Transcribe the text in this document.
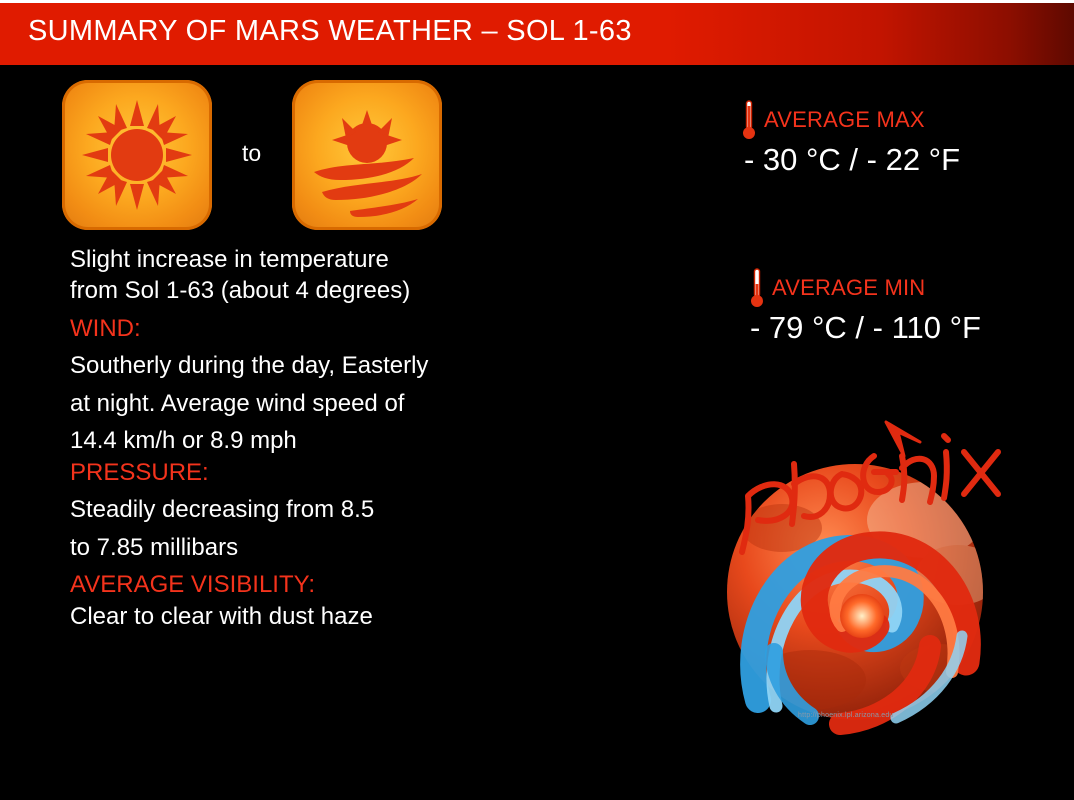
SUMMARY OF MARS WEATHER – SOL 1-63
to

Slight increase in temperature

from Sol 1-63 (about 4 degrees)

WIND:

Southerly during the day, Easterly

at night. Average wind speed of

14.4 km/h or 8.9 mph

PRESSURE:

Steadily decreasing from 8.5

to 7.85 millibars

AVERAGE VISIBILITY:

Clear to clear with dust haze

AVERAGE MAX
- 30 °C / - 22 °F
AVERAGE MIN
- 79 °C / - 110 °F
http://phoenix.lpl.arizona.edu
